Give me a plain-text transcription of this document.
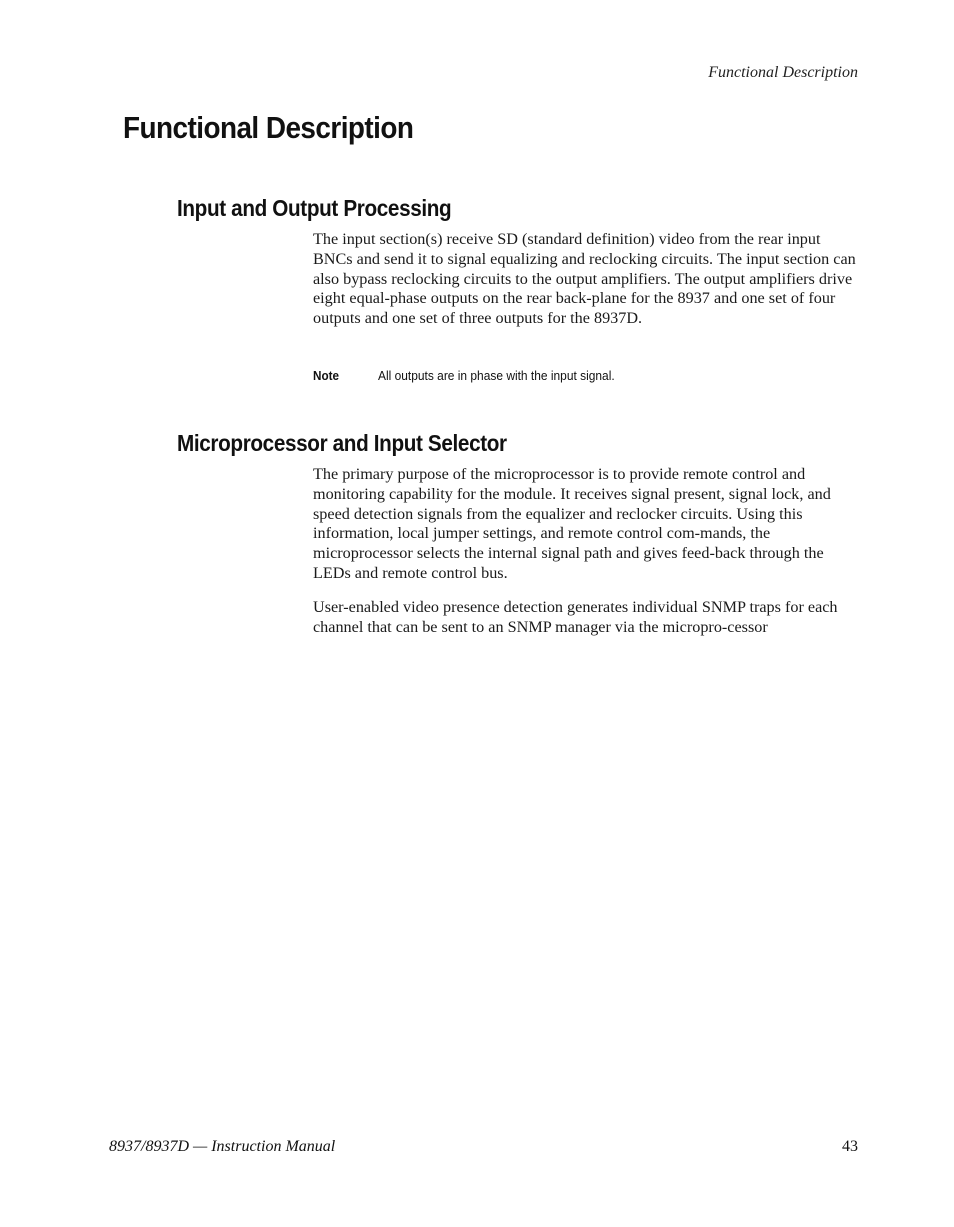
Functional Description
Functional Description
Input and Output Processing

The input section(s) receive SD (standard definition) video from the rear input BNCs and send it to signal equalizing and reclocking circuits. The input section can also bypass reclocking circuits to the output amplifiers. The output amplifiers drive eight equal-phase outputs on the rear back-plane for the 8937 and one set of four outputs and one set of three outputs for the 8937D.

Note	All outputs are in phase with the input signal.
Microprocessor and Input Selector

The primary purpose of the microprocessor is to provide remote control and monitoring capability for the module. It receives signal present, signal lock, and speed detection signals from the equalizer and reclocker circuits. Using this information, local jumper settings, and remote control com-mands, the microprocessor selects the internal signal path and gives feed-back through the LEDs and remote control bus.

User-enabled video presence detection generates individual SNMP traps for each channel that can be sent to an SNMP manager via the micropro-cessor

8937/8937D — Instruction Manual	43
